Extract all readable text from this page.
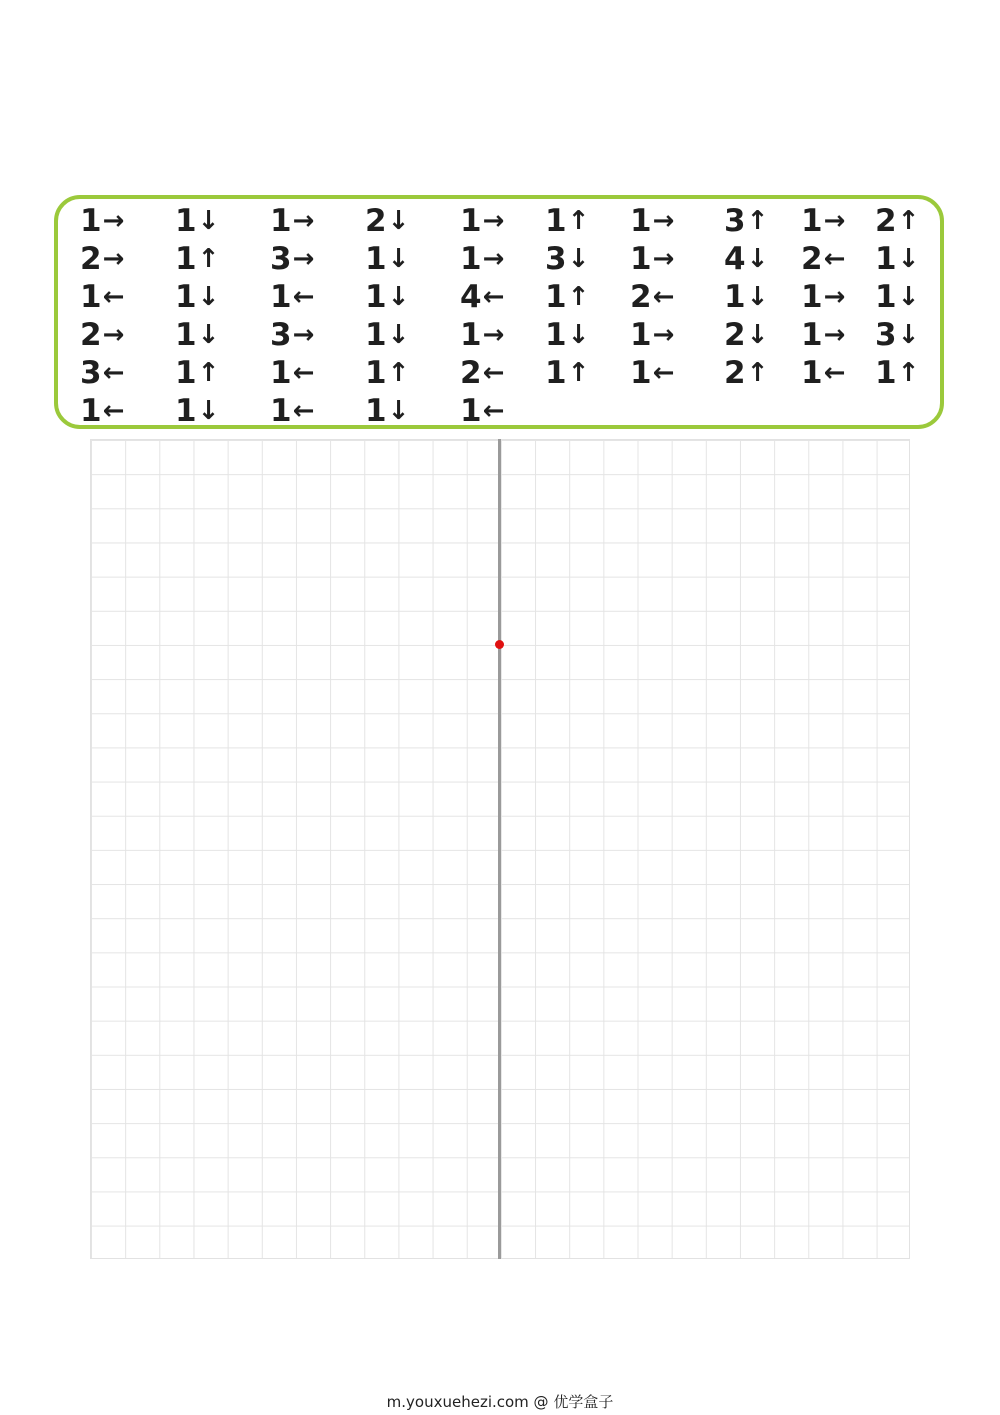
1→	1↓	1→	2↓	1→	1↑	1→	3↑	1→ 2↑
2→	1↑	3→	1↓	1→	3↓	1→	4↓	2← 1↓
1←	1↓	1←	1↓	4←	1↑	2←	1↓	1→ 1↓
2→	1↓	3→	1↓	1→	1↓	1→	2↓	1→ 3↓
3←	1↑	1←	1↑	2←	1↑	1←	2↑	1← 1↑
1←	1↓	1←	1↓	1←
m.youxuehezi.com @ 优学盒子
